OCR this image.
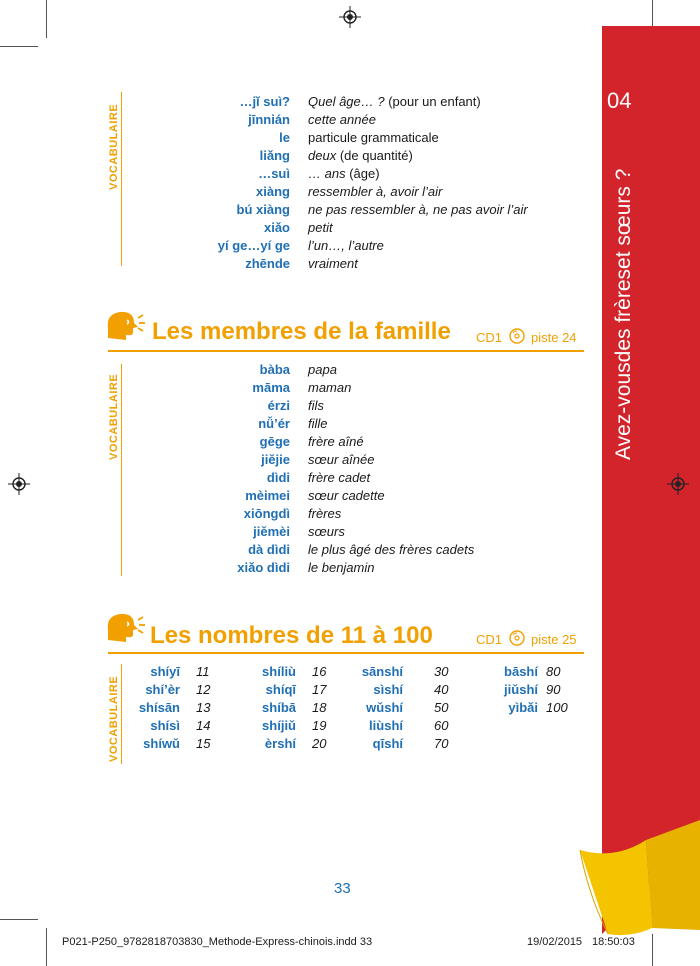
04
Avez-vousdes frèreset sœurs ?
VOCABULAIRE
…jǐ suì? Quel âge… ? (pour un enfant)
jīnnián cette année
le particule grammaticale
liǎng deux (de quantité)
…suì … ans (âge)
xiàng ressembler à, avoir l’air
bú xiàng ne pas ressembler à, ne pas avoir l’air
xiǎo petit
yí ge…yí ge l’un…, l’autre
zhēnde vraiment
Les membres de la famille CD1 piste 24
VOCABULAIRE
bàba papa
māma maman
érzi fils
nǚ’ér fille
gēge frère aîné
jiějie sœur aînée
dìdi frère cadet
mèimei sœur cadette
xiōngdì frères
jiěmèi sœurs
dà dìdi le plus âgé des frères cadets
xiǎo dìdi le benjamin
Les nombres de 11 à 100	CD1 piste 25
VOCABULAIRE
shíyī 11
shí’èr 12
shísān 13
shísì 14
shíwǔ 15
shíliù 16
shíqī 17
shíbā 18
shíjiǔ 19
èrshí 20
sānshí 30
sìshí 40
wǔshí 50
liùshí 60
qīshí 70
bāshí 80
jiǔshí 90
yìbǎi 100
33
P021-P250_9782818703830_Methode-Express-chinois.indd 33	19/02/2015 18:50:03
